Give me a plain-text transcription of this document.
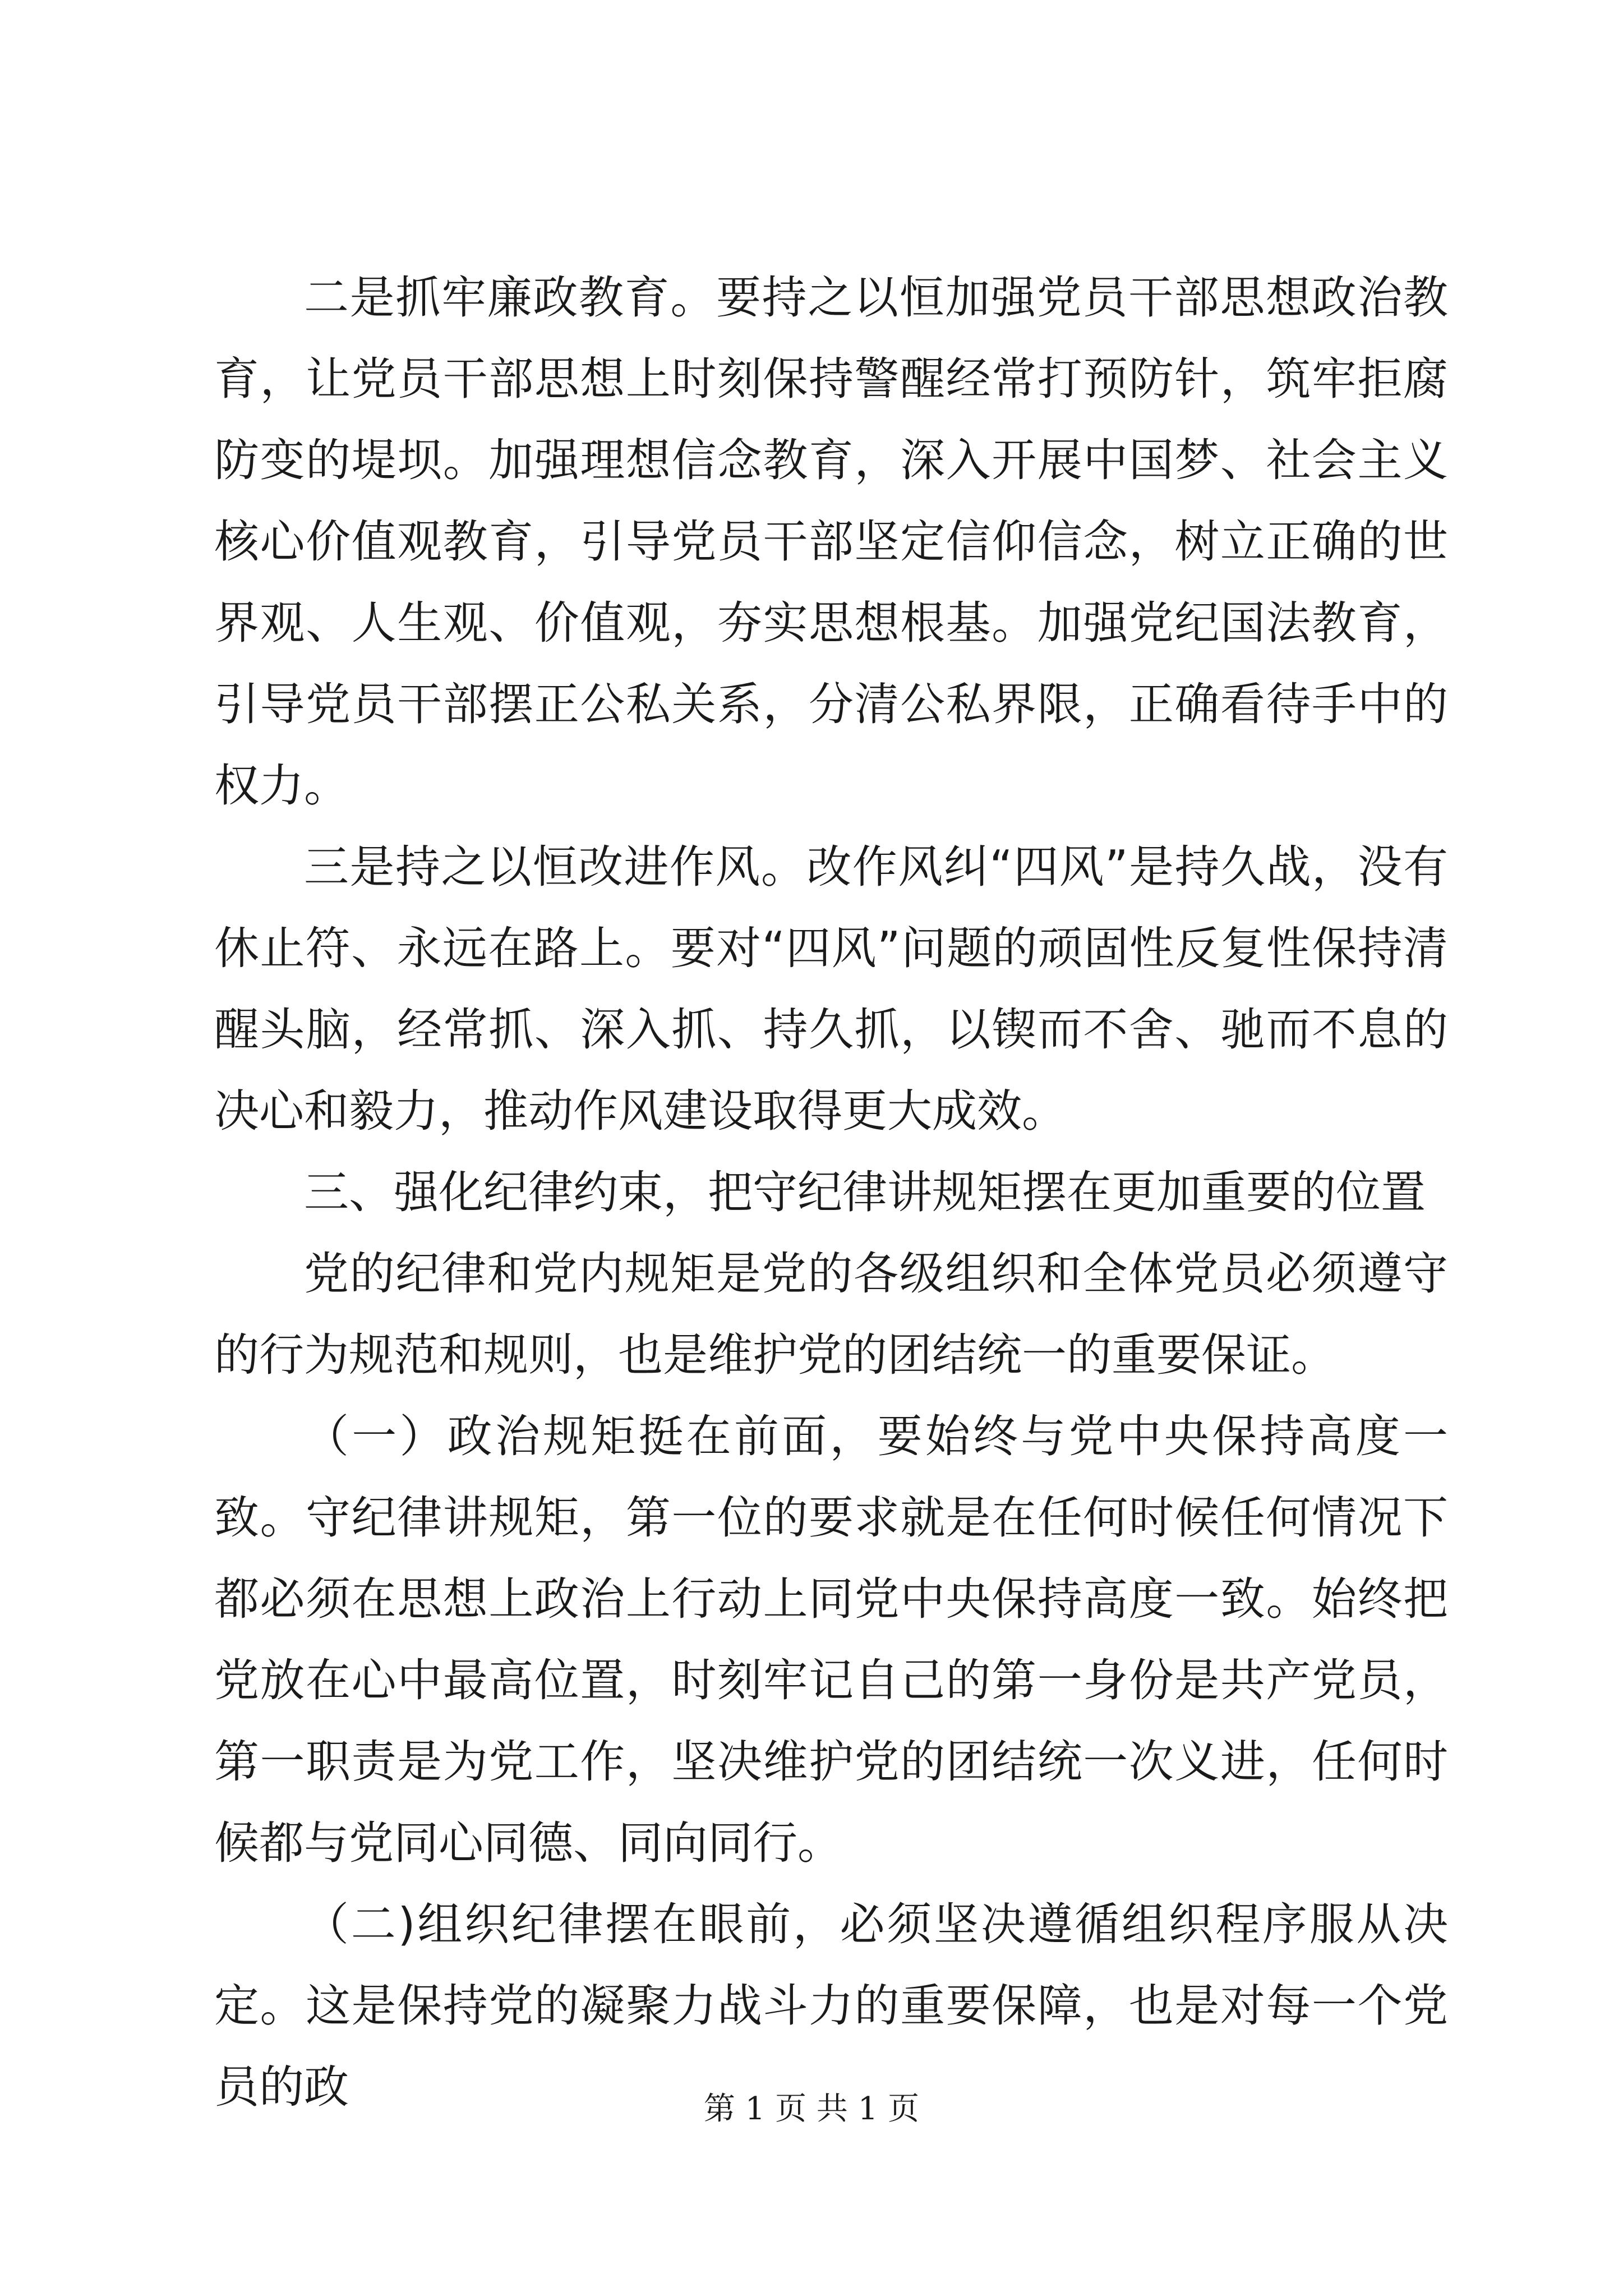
二是抓牢廉政教育。要持之以恒加强党员干部思想政治教育，让党员干部思想上时刻保持警醒经常打预防针，筑牢拒腐防变的堤坝。加强理想信念教育，深入开展中国梦、社会主义核心价值观教育，引导党员干部坚定信仰信念，树立正确的世界观、人生观、价值观，夯实思想根基。加强党纪国法教育，引导党员干部摆正公私关系，分清公私界限，正确看待手中的权力。

三是持之以恒改进作风。改作风纠“四风”是持久战，没有休止符、永远在路上。要对“四风”问题的顽固性反复性保持清醒头脑，经常抓、深入抓、持久抓，以锲而不舍、驰而不息的决心和毅力，推动作风建设取得更大成效。

三、强化纪律约束，把守纪律讲规矩摆在更加重要的位置

党的纪律和党内规矩是党的各级组织和全体党员必须遵守的行为规范和规则，也是维护党的团结统一的重要保证。

（一）政治规矩挺在前面，要始终与党中央保持高度一致。守纪律讲规矩，第一位的要求就是在任何时候任何情况下都必须在思想上政治上行动上同党中央保持高度一致。始终把党放在心中最高位置，时刻牢记自己的第一身份是共产党员，第一职责是为党工作，坚决维护党的团结统一次义进，任何时候都与党同心同德、同向同行。

（二)组织纪律摆在眼前，必须坚决遵循组织程序服从决定。这是保持党的凝聚力战斗力的重要保障，也是对每一个党员的政	第 1 页 共 1 页
